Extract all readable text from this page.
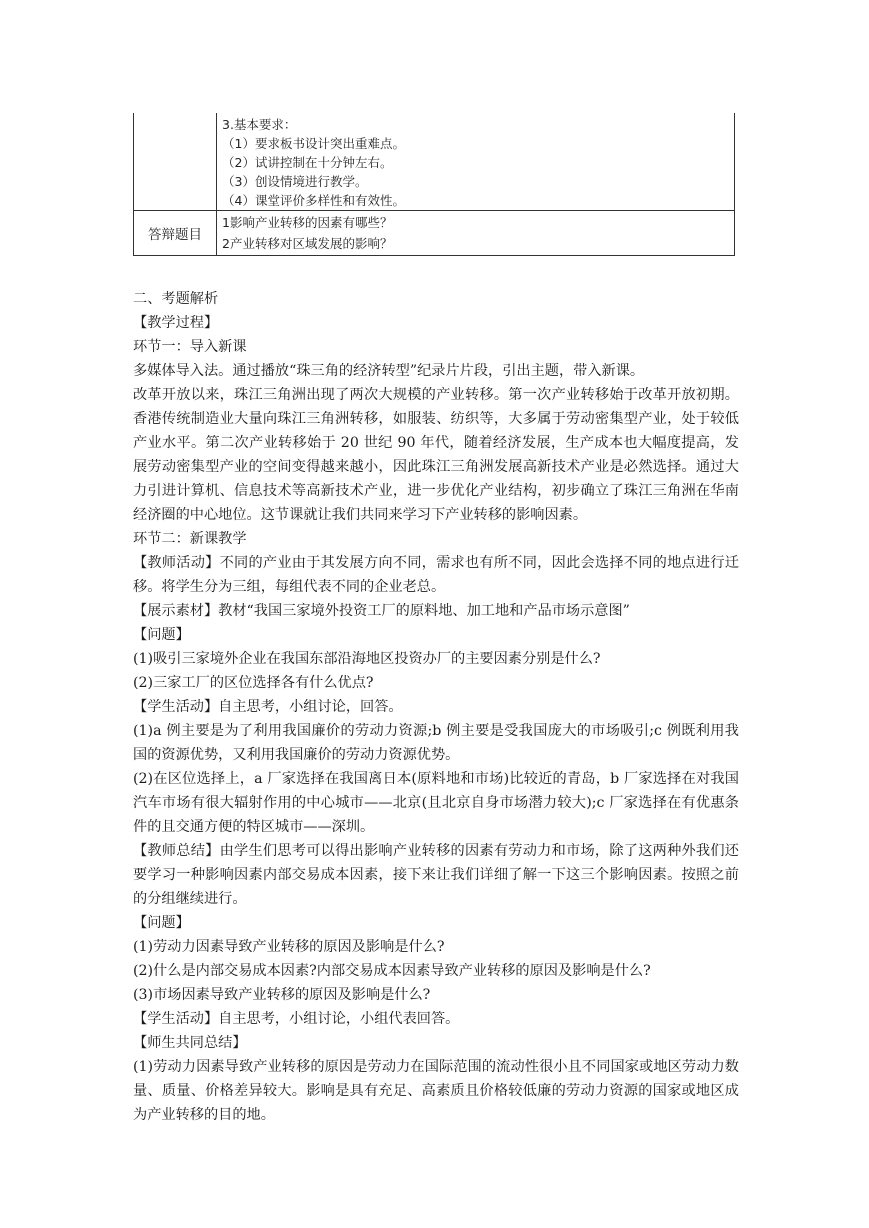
3.基本要求：
（1）要求板书设计突出重难点。
（2）试讲控制在十分钟左右。
（3）创设情境进行教学。
（4）课堂评价多样性和有效性。
答辩题目
1影响产业转移的因素有哪些？
2产业转移对区域发展的影响？

二、考题解析

【教学过程】

环节一：导入新课

多媒体导入法。通过播放“珠三角的经济转型”纪录片片段，引出主题，带入新课。

改革开放以来，珠江三角洲出现了两次大规模的产业转移。第一次产业转移始于改革开放初期。香港传统制造业大量向珠江三角洲转移，如服装、纺织等，大多属于劳动密集型产业，处于较低产业水平。第二次产业转移始于 20 世纪 90 年代，随着经济发展，生产成本也大幅度提高，发展劳动密集型产业的空间变得越来越小，因此珠江三角洲发展高新技术产业是必然选择。通过大力引进计算机、信息技术等高新技术产业，进一步优化产业结构，初步确立了珠江三角洲在华南经济圈的中心地位。这节课就让我们共同来学习下产业转移的影响因素。

环节二：新课教学

【教师活动】不同的产业由于其发展方向不同，需求也有所不同，因此会选择不同的地点进行迁移。将学生分为三组，每组代表不同的企业老总。

【展示素材】教材“我国三家境外投资工厂的原料地、加工地和产品市场示意图”

【问题】

(1)吸引三家境外企业在我国东部沿海地区投资办厂的主要因素分别是什么?

(2)三家工厂的区位选择各有什么优点?

【学生活动】自主思考，小组讨论，回答。

(1)a 例主要是为了利用我国廉价的劳动力资源;b 例主要是受我国庞大的市场吸引;c 例既利用我国的资源优势，又利用我国廉价的劳动力资源优势。

(2)在区位选择上，a 厂家选择在我国离日本(原料地和市场)比较近的青岛，b 厂家选择在对我国汽车市场有很大辐射作用的中心城市——北京(且北京自身市场潜力较大);c 厂家选择在有优惠条件的且交通方便的特区城市——深圳。

【教师总结】由学生们思考可以得出影响产业转移的因素有劳动力和市场，除了这两种外我们还要学习一种影响因素内部交易成本因素，接下来让我们详细了解一下这三个影响因素。按照之前的分组继续进行。

【问题】

(1)劳动力因素导致产业转移的原因及影响是什么?

(2)什么是内部交易成本因素?内部交易成本因素导致产业转移的原因及影响是什么?

(3)市场因素导致产业转移的原因及影响是什么?

【学生活动】自主思考，小组讨论，小组代表回答。

【师生共同总结】

(1)劳动力因素导致产业转移的原因是劳动力在国际范围的流动性很小且不同国家或地区劳动力数量、质量、价格差异较大。影响是具有充足、高素质且价格较低廉的劳动力资源的国家或地区成为产业转移的目的地。
